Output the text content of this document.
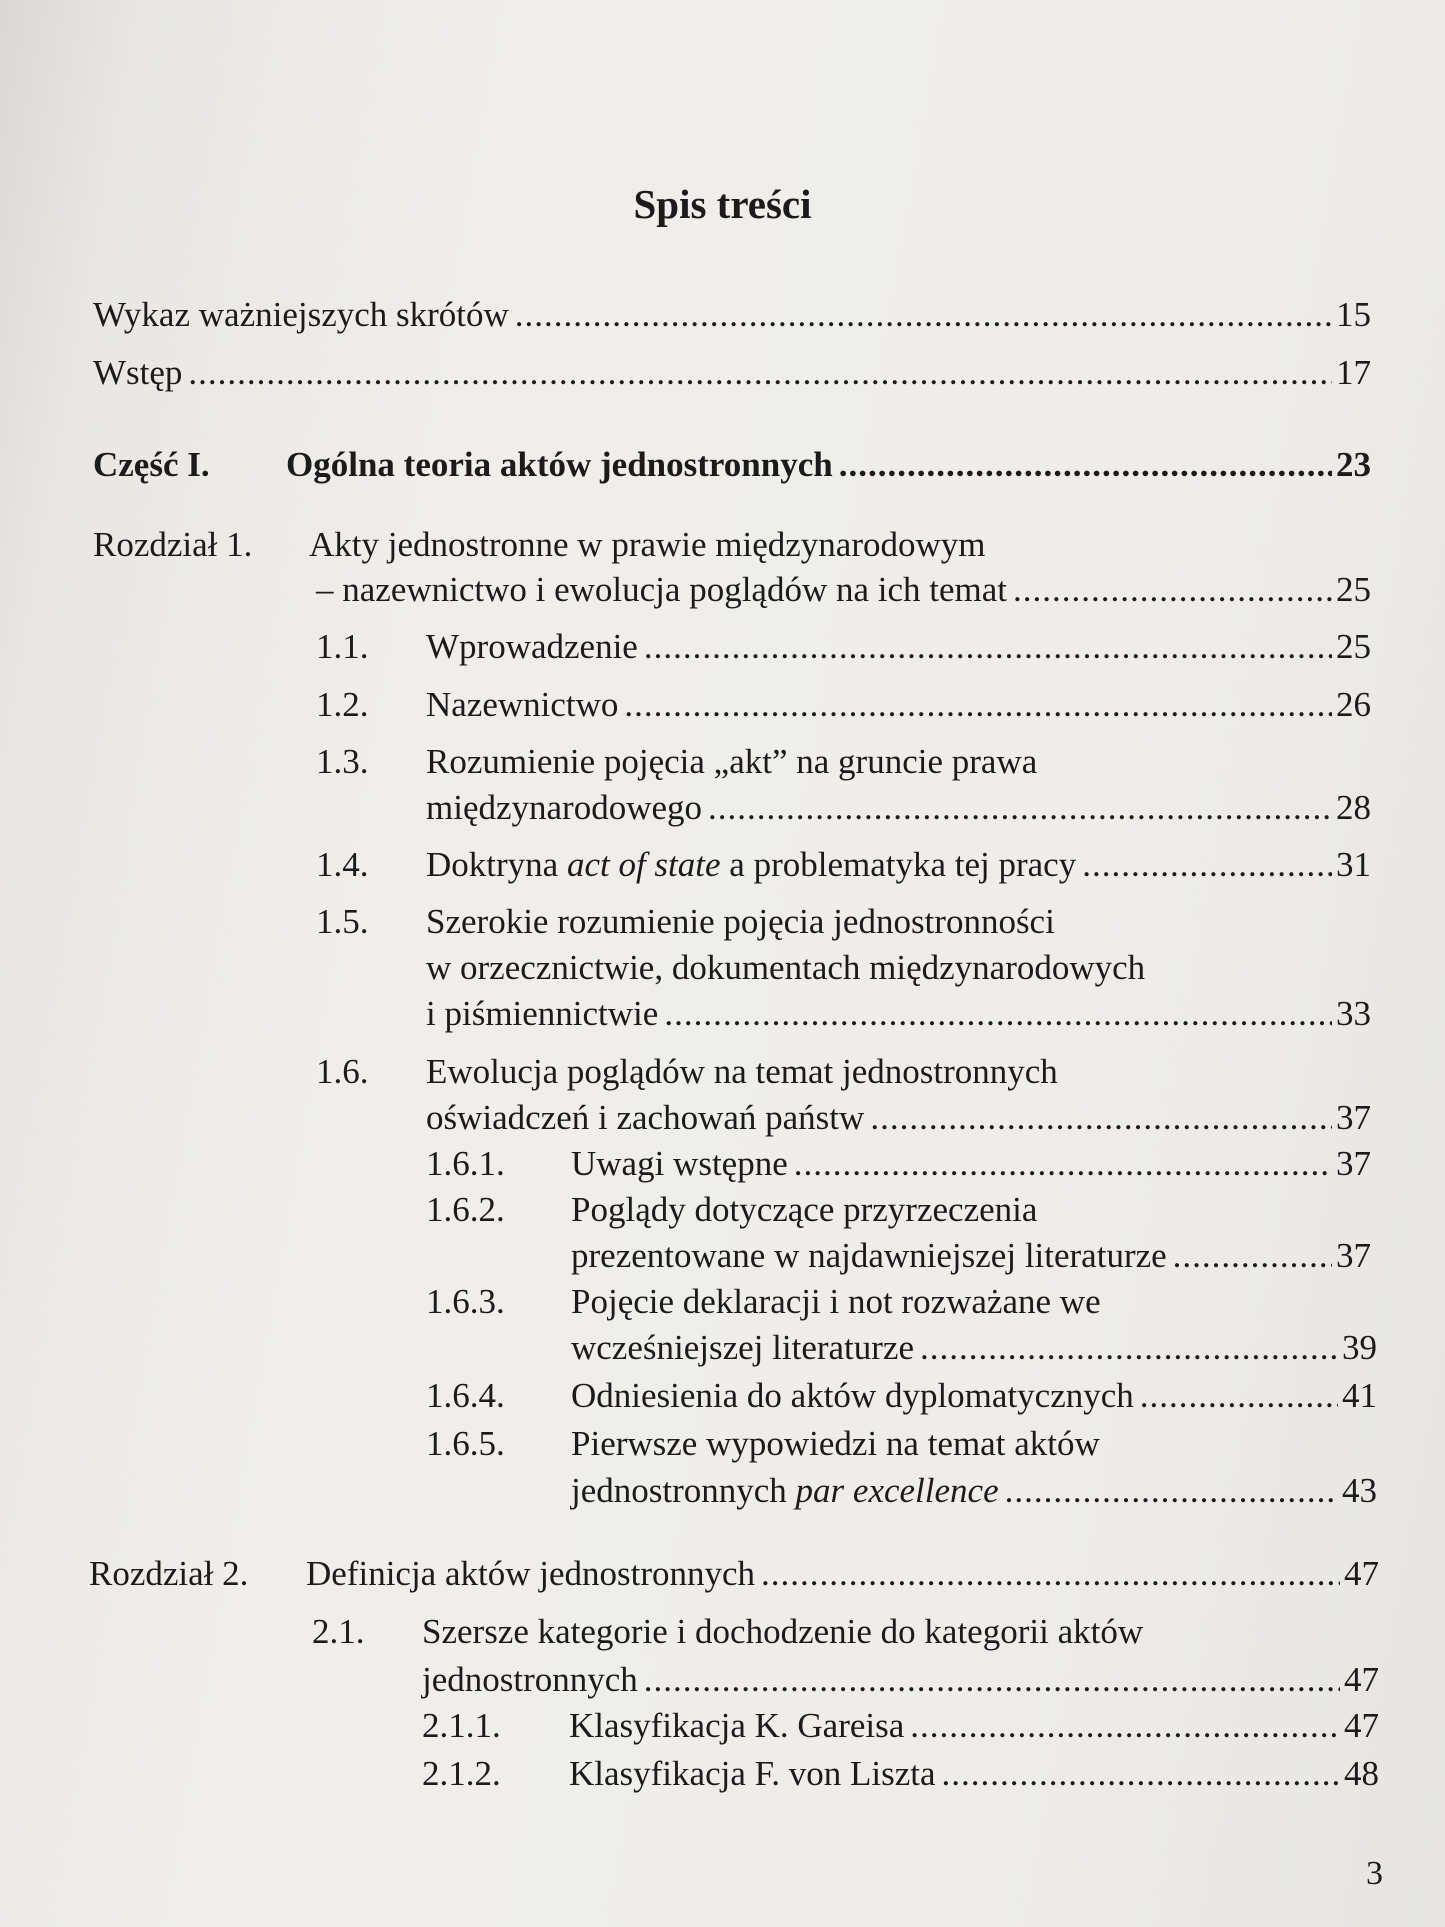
Spis treści
Wykaz ważniejszych skrótów .....	15
Wstęp .....	17
Część I.	Ogólna teoria aktów jednostronnych .....	23
Rozdział 1. Akty jednostronne w prawie międzynarodowym
– nazewnictwo i ewolucja poglądów na ich temat .....	25
1.1.	Wprowadzenie .....	25
1.2.	Nazewnictwo .....	26
1.3. Rozumienie pojęcia „akt” na gruncie prawa
międzynarodowego .....	28
1.4.	Doktryna act of state a problematyka tej pracy .....	31
1.5. Szerokie rozumienie pojęcia jednostronności
w orzecznictwie, dokumentach międzynarodowych
i piśmiennictwie .....	33
1.6. Ewolucja poglądów na temat jednostronnych
oświadczeń i zachowań państw .....	37
1.6.1.	Uwagi wstępne .....	37
1.6.2. Poglądy dotyczące przyrzeczenia
prezentowane w najdawniejszej literaturze .....	37
1.6.3. Pojęcie deklaracji i not rozważane we
wcześniejszej literaturze .....	39
1.6.4.	Odniesienia do aktów dyplomatycznych .....	41
1.6.5. Pierwsze wypowiedzi na temat aktów
jednostronnych par excellence .....	43
Rozdział 2.	Definicja aktów jednostronnych .....	47
2.1. Szersze kategorie i dochodzenie do kategorii aktów
jednostronnych .....	47
2.1.1.	Klasyfikacja K. Gareisa .....	47
2.1.2.	Klasyfikacja F. von Liszta .....	48
3
